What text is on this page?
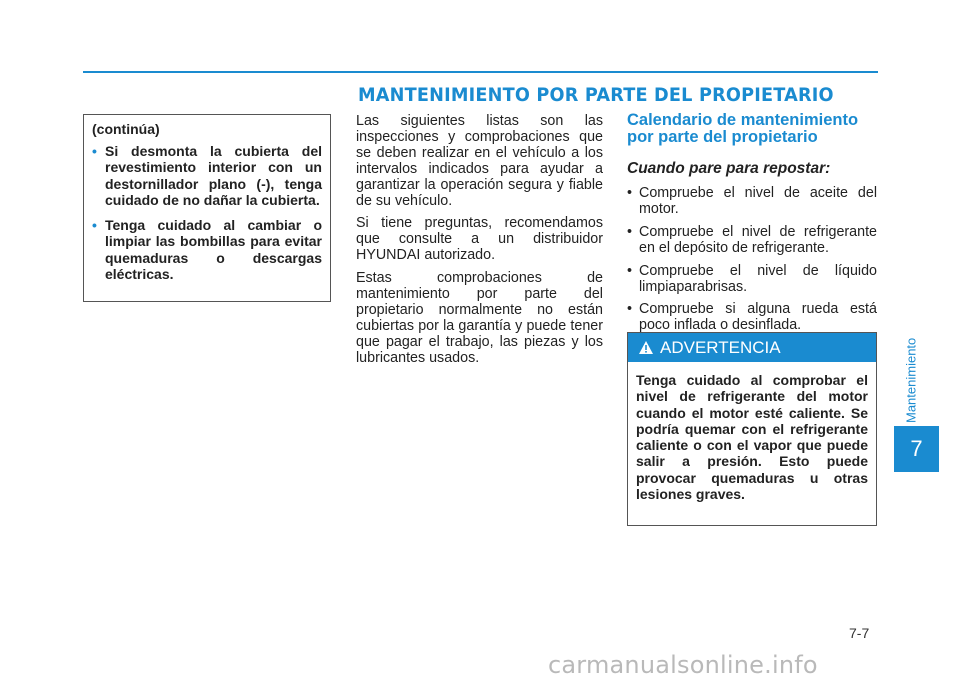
MANTENIMIENTO POR PARTE DEL PROPIETARIO
(continúa)
• Si desmonta la cubierta del revestimiento interior con un destornillador plano (-), tenga cuidado de no dañar la cubierta.
• Tenga cuidado al cambiar o limpiar las bombillas para evitar quemaduras o descargas eléctricas.

Las siguientes listas son las inspecciones y comprobaciones que se deben realizar en el vehículo a los intervalos indicados para ayudar a garantizar la operación segura y fiable de su vehículo.

Si tiene preguntas, recomendamos que consulte a un distribuidor HYUNDAI autorizado.

Estas comprobaciones de mantenimiento por parte del propietario normalmente no están cubiertas por la garantía y puede tener que pagar el trabajo, las piezas y los lubricantes usados.

Calendario de mantenimiento por parte del propietario
Cuando pare para repostar:
• Compruebe el nivel de aceite del motor.
• Compruebe el nivel de refrigerante en el depósito de refrigerante.
• Compruebe el nivel de líquido limpiaparabrisas.
• Compruebe si alguna rueda está poco inflada o desinflada.
ADVERTENCIA
Tenga cuidado al comprobar el nivel de refrigerante del motor cuando el motor esté caliente. Se podría quemar con el refrigerante caliente o con el vapor que puede salir a presión. Esto puede provocar quemaduras u otras lesiones graves.
Mantenimiento
7
7-7
carmanualsonline.info
